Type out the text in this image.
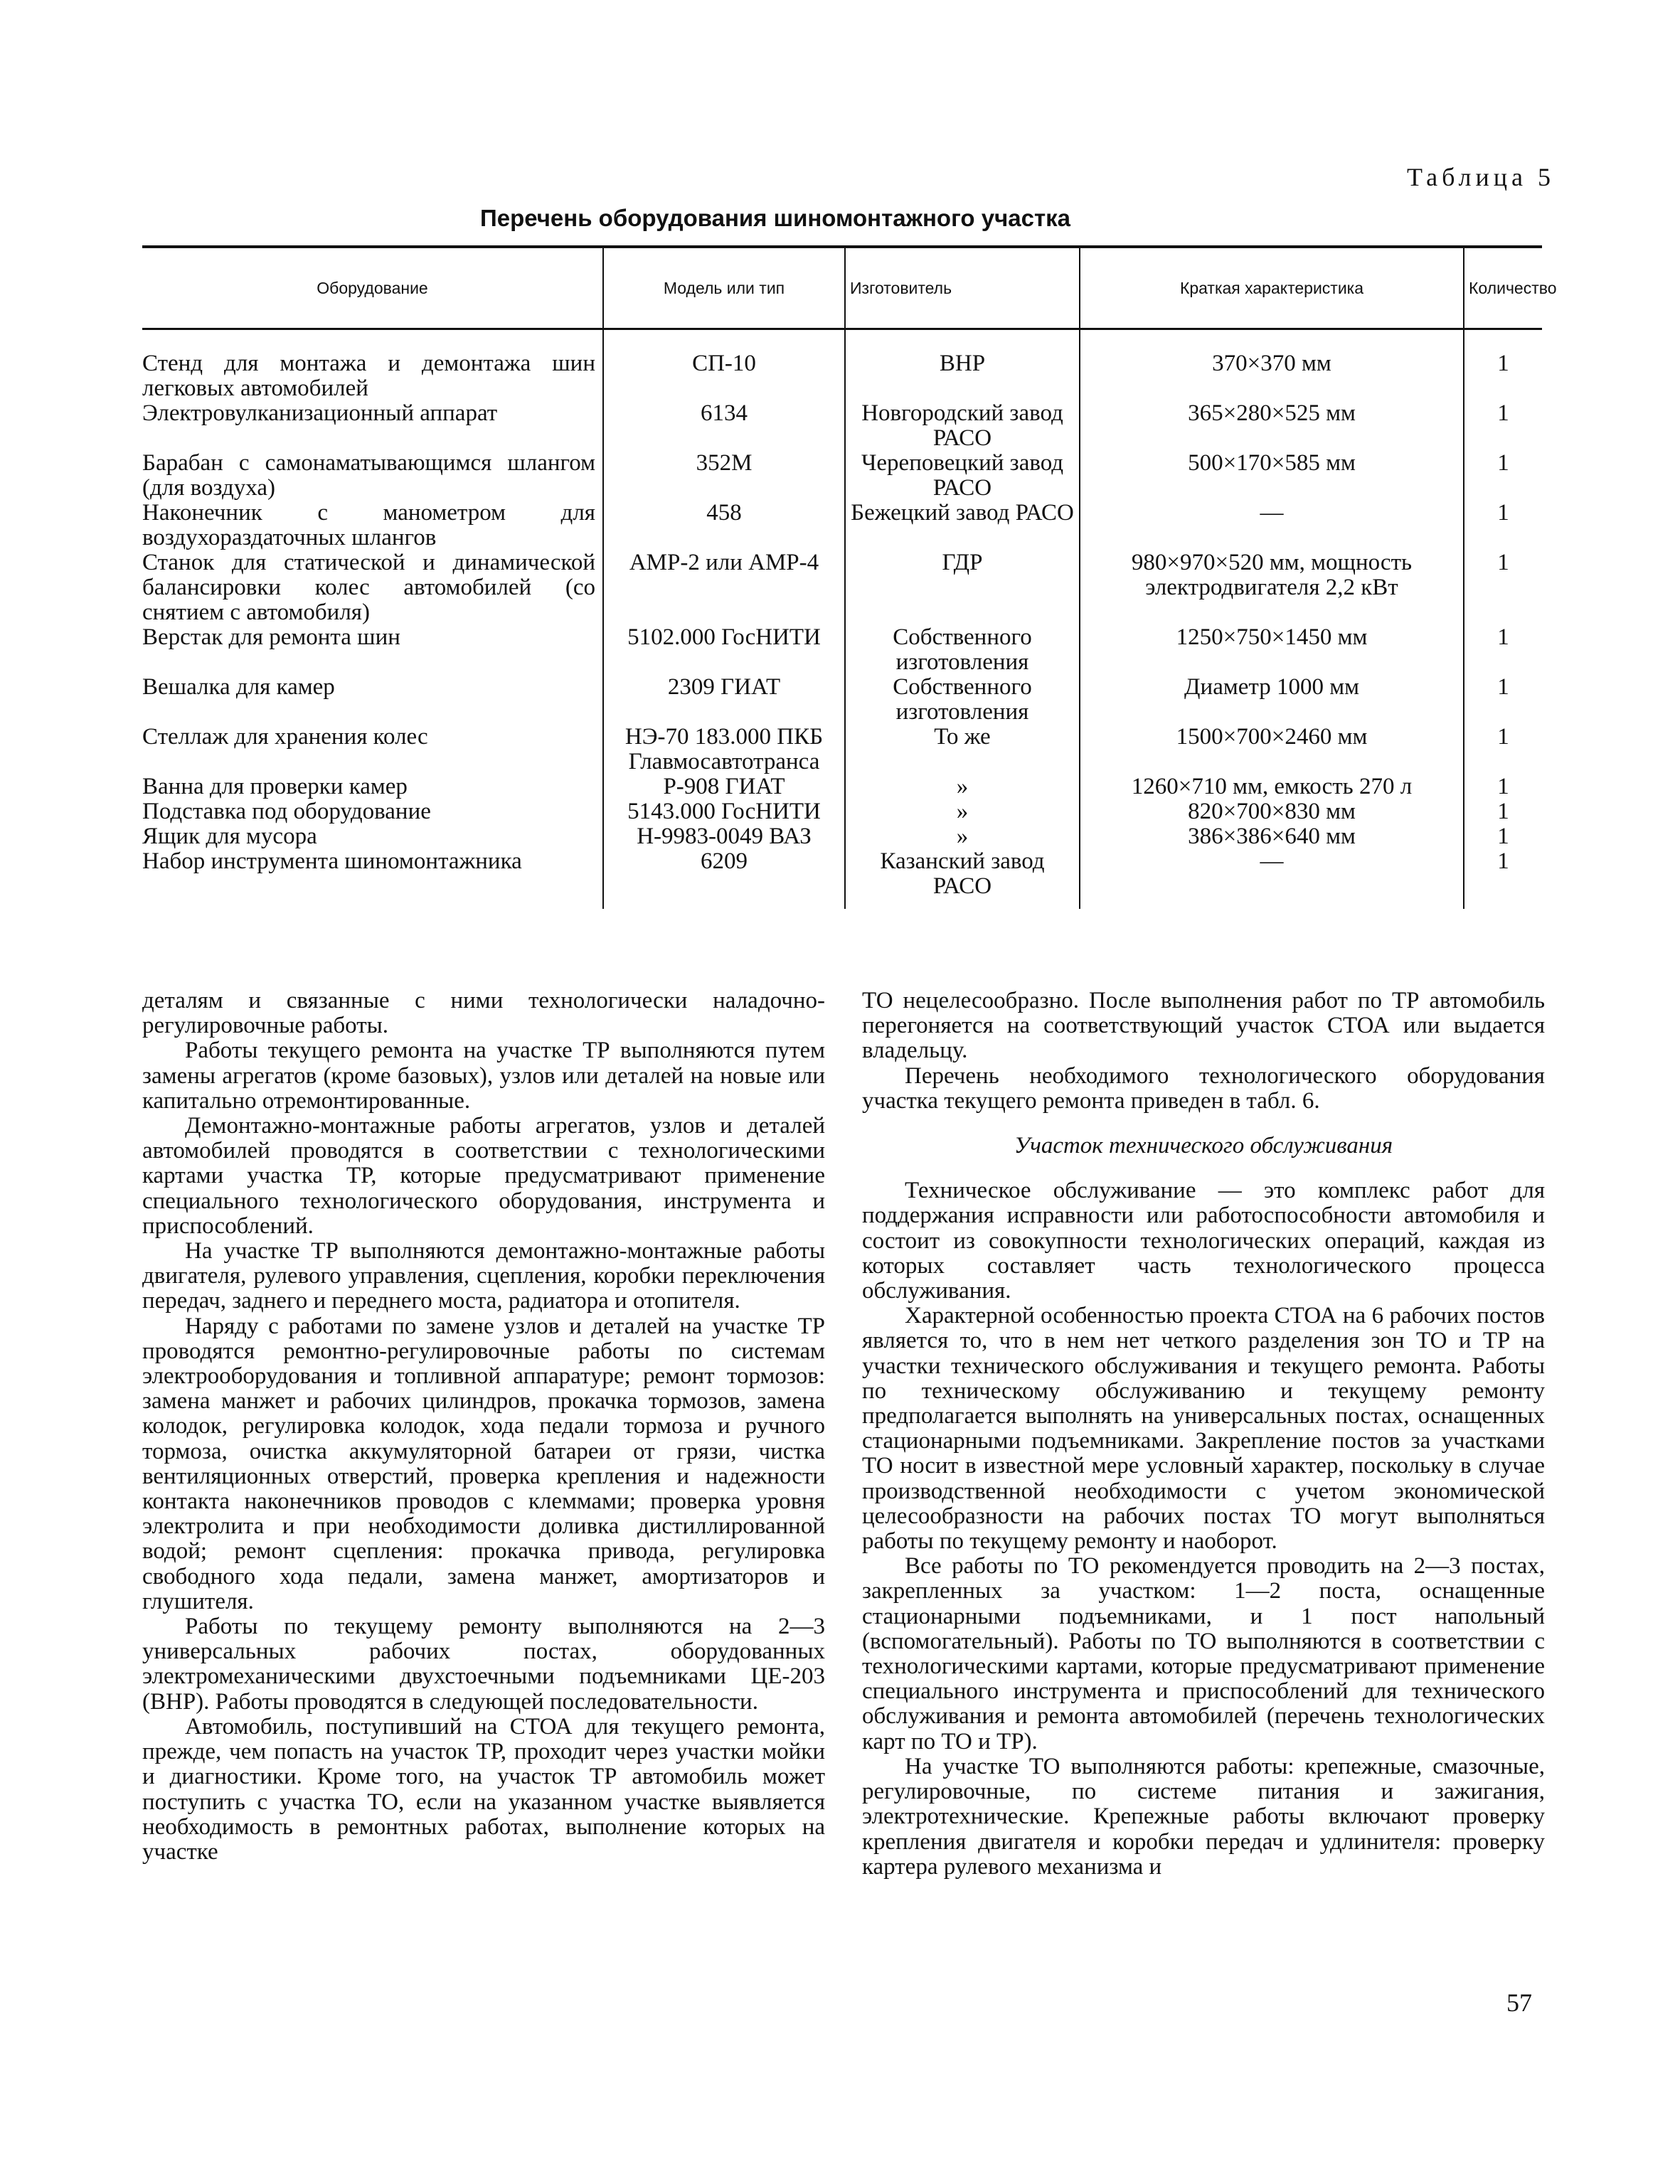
Таблица 5
Перечень оборудования шиномонтажного участка
Оборудование	Модель или тип	Изготовитель	Краткая характеристика	Количество
Стенд для монтажа и демонтажа шин легковых автомобилей	СП-10	ВНР	370×370 мм	1
Электровулканизационный аппарат	6134	Новгородский завод РАСО	365×280×525 мм	1
Барабан с самонаматывающимся шлангом (для воздуха)	352М	Череповецкий завод РАСО	500×170×585 мм	1
Наконечник с манометром для воздухораздаточных шлангов	458	Бежецкий завод РАСО	—	1
Станок для статической и динамической балансировки колес автомобилей (со снятием с автомобиля)	АМР-2 или АМР-4	ГДР	980×970×520 мм, мощность электродвигателя 2,2 кВт	1
Верстак для ремонта шин	5102.000 ГосНИТИ	Собственного изготовления	1250×750×1450 мм	1
Вешалка для камер	2309 ГИАТ	Собственного изготовления	Диаметр 1000 мм	1
Стеллаж для хранения колес	НЭ-70 183.000 ПКБ Главмосавтотранса	То же	1500×700×2460 мм	1
Ванна для проверки камер	Р-908 ГИАТ	»	1260×710 мм, емкость 270 л	1
Подставка под оборудование	5143.000 ГосНИТИ	»	820×700×830 мм	1
Ящик для мусора	Н-9983-0049 ВАЗ	»	386×386×640 мм	1
Набор инструмента шиномонтажника	6209	Казанский завод РАСО	—	1

деталям и связанные с ними технологически наладочно-регулировочные работы.

Работы текущего ремонта на участке ТР выполняются путем замены агрегатов (кроме базовых), узлов или деталей на новые или капитально отремонтированные.

Демонтажно-монтажные работы агрегатов, узлов и деталей автомобилей проводятся в соответствии с технологическими картами участка ТР, которые предусматривают применение специального технологического оборудования, инструмента и приспособлений.

На участке ТР выполняются демонтажно-монтажные работы двигателя, рулевого управления, сцепления, коробки переключения передач, заднего и переднего моста, радиатора и отопителя.

Наряду с работами по замене узлов и деталей на участке ТР проводятся ремонтно-регулировочные работы по системам электрооборудования и топливной аппаратуре; ремонт тормозов: замена манжет и рабочих цилиндров, прокачка тормозов, замена колодок, регулировка колодок, хода педали тормоза и ручного тормоза, очистка аккумуляторной батареи от грязи, чистка вентиляционных отверстий, проверка крепления и надежности контакта наконечников проводов с клеммами; проверка уровня электролита и при необходимости доливка дистиллированной водой; ремонт сцепления: прокачка привода, регулировка свободного хода педали, замена манжет, амортизаторов и глушителя.

Работы по текущему ремонту выполняются на 2—3 универсальных рабочих постах, оборудованных электромеханическими двухстоечными подъемниками ЦЕ-203 (ВНР). Работы проводятся в следующей последовательности.

Автомобиль, поступивший на СТОА для текущего ремонта, прежде, чем попасть на участок ТР, проходит через участки мойки и диагностики. Кроме того, на участок ТР автомобиль может поступить с участка ТО, если на указанном участке выявляется необходимость в ремонтных работах, выполнение которых на участке

ТО нецелесообразно. После выполнения работ по ТР автомобиль перегоняется на соответствующий участок СТОА или выдается владельцу.

Перечень необходимого технологического оборудования участка текущего ремонта приведен в табл. 6.

Участок технического обслуживания

Техническое обслуживание — это комплекс работ для поддержания исправности или работоспособности автомобиля и состоит из совокупности технологических операций, каждая из которых составляет часть технологического процесса обслуживания.

Характерной особенностью проекта СТОА на 6 рабочих постов является то, что в нем нет четкого разделения зон ТО и ТР на участки технического обслуживания и текущего ремонта. Работы по техническому обслуживанию и текущему ремонту предполагается выполнять на универсальных постах, оснащенных стационарными подъемниками. Закрепление постов за участками ТО носит в известной мере условный характер, поскольку в случае производственной необходимости с учетом экономической целесообразности на рабочих постах ТО могут выполняться работы по текущему ремонту и наоборот.

Все работы по ТО рекомендуется проводить на 2—3 постах, закрепленных за участком: 1—2 поста, оснащенные стационарными подъемниками, и 1 пост напольный (вспомогательный). Работы по ТО выполняются в соответствии с технологическими картами, которые предусматривают применение специального инструмента и приспособлений для технического обслуживания и ремонта автомобилей (перечень технологических карт по ТО и ТР).

На участке ТО выполняются работы: крепежные, смазочные, регулировочные, по системе питания и зажигания, электротехнические. Крепежные работы включают проверку крепления двигателя и коробки передач и удлинителя: проверку картера рулевого механизма и

57
